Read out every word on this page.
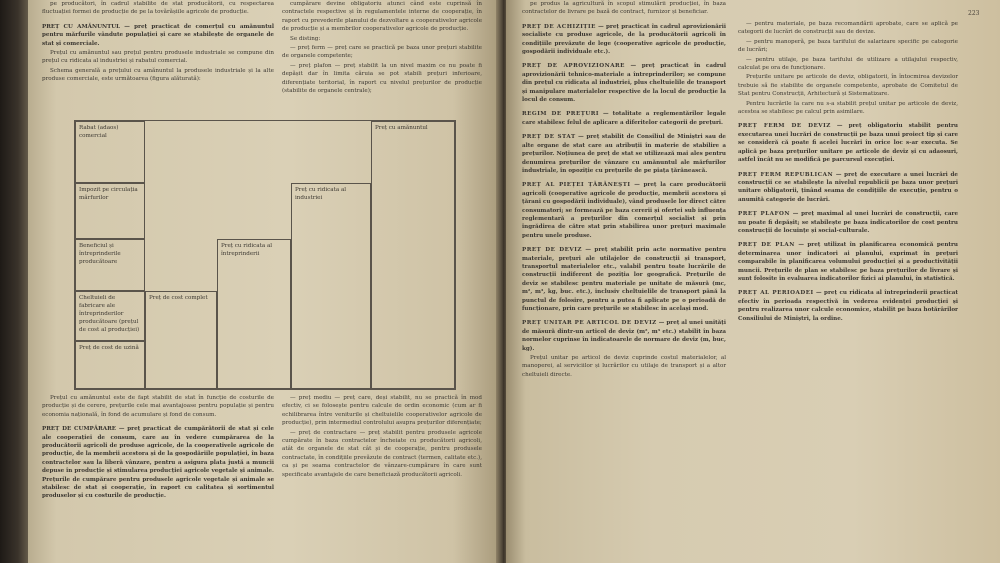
pe producători, în cadrul stabilite de stat producătorii, cu respectarea fluctuației formei de producție de pe la tovărășiile agricole de producție.

PREȚ CU AMĂNUNTUL — preț practicat de comerțul cu amănuntul pentru mărfurile vândute populației și care se stabilește de organele de stat și comerciale.

Prețul cu amănuntul sau prețul pentru produsele industriale se compune din prețul cu ridicata al industriei și rabatul comercial.

Schema generală a prețului cu amănuntul la produsele industriale și la alte produse comerciale, este următoarea (figura alăturată):

cumpărare devine obligatoriu atunci când este cuprinsă în contractele respective și în regulamentele interne de cooperație, în raport cu prevederile planului de dezvoltare a cooperativelor agricole de producție și a membrilor cooperativelor agricole de producție.

Se disting:

— preț ferm — preț care se practică pe baza unor prețuri stabilite de organele competente;

— preț plafon — preț stabilit la un nivel maxim ce nu poate fi depășit dar în limita căruia se pot stabili prețuri inferioare, diferențiate teritorial, în raport cu nivelul prețurilor de producție (stabilite de organele centrale);

Rabat (adaos) comercial
Impozit pe circulația mărfurilor
Beneficiul și întreprinderile producătoare
Cheltuieli de fabricare ale întreprinderilor producătoare (prețul de cost al producției)
Preț de cost de uzină
Preț de cost complet
Preț cu ridicata al întreprinderii
Preț cu ridicata al industriei
Preț cu amănuntul

Prețul cu amănuntul este de fapt stabilit de stat în funcție de costurile de producție și de cerere, prețurile cele mai avantajoase pentru populație și pentru economia națională, în fond de acumulare și fond de consum.

PREȚ DE CUMPĂRARE — preț practicat de cumpărătorii de stat și cele ale cooperației de consum, care au în vedere cumpărarea de la producătorii agricoli de produse agricole, de la cooperativele agricole de producție, de la membrii acestora și de la gospodăriile populației, în baza contractelor sau la liberă vânzare, pentru a asigura plata justă a muncii depuse în producție și stimularea producției agricole vegetale și animale. Prețurile de cumpărare pentru produsele agricole vegetale și animale se stabilesc de stat și cooperație, în raport cu calitatea și sortimentul produselor și cu costurile de producție.

— preț mediu — preț care, deși stabilit, nu se practică în mod efectiv, ci se folosește pentru calcule de ordin economic (cum ar fi echilibrarea între veniturile și cheltuielile cooperativelor agricole de producție), prin intermediul controlului asupra prețurilor diferențiate;

— preț de contractare — preț stabilit pentru produsele agricole cumpărate în baza contractelor încheiate cu producătorii agricoli, atât de organele de stat cât și de cooperație, pentru produsele contractate, în condițiile prevăzute de contract (termen, calitate etc.), ca și pe seama contractelor de vânzare-cumpărare în care sunt specificate avantajele de care beneficiază producătorii agricoli.

223

pe produs la agricultură în scopul stimulării producției, în baza contractelor de livrare pe bază de contract, furnizor și beneficiar.

PREȚ DE ACHIZIȚIE — preț practicat în cadrul aprovizionării socialiste cu produse agricole, de la producătorii agricoli în condițiile prevăzute de lege (cooperative agricole de producție, gospodării individuale etc.).

PREȚ DE APROVIZIONARE — preț practicat în cadrul aprovizionării tehnico-materiale a întreprinderilor; se compune din prețul cu ridicata al industriei, plus cheltuielile de transport și manipulare materialelor respective de la locul de producție la locul de consum.

REGIM DE PREȚURI — totalitate a reglementărilor legale care stabilesc felul de aplicare a diferitelor categorii de prețuri.

PREȚ DE STAT — preț stabilit de Consiliul de Miniștri sau de alte organe de stat care au atribuții în materie de stabilire a prețurilor. Noțiunea de preț de stat se utilizează mai ales pentru denumirea prețurilor de vânzare cu amănuntul ale mărfurilor industriale, în opoziție cu prețurile de pe piața țărănească.

PREȚ AL PIEȚEI ȚĂRĂNEȘTI — preț la care producătorii agricoli (cooperative agricole de producție, membrii acestora și țărani cu gospodării individuale), vând produsele lor direct către consumatori; se formează pe baza cererii și ofertei sub influența reglementară a prețurilor din comerțul socialist și prin îngrădirea de către stat prin stabilirea unor prețuri maximale pentru unele produse.

PREȚ DE DEVIZ — preț stabilit prin acte normative pentru materiale, prețuri ale utilajelor de construcții și transport, transportul materialelor etc., valabil pentru toate lucrările de construcții indiferent de poziția lor geografică. Prețurile de deviz se stabilesc pentru materiale pe unitate de măsură (mc, m², m³, kg, buc. etc.), inclusiv cheltuielile de transport până la punctul de folosire, pentru a putea fi aplicate pe o perioadă de funcționare, prin care prețurile se stabilesc în același mod.

PREȚ UNITAR PE ARTICOL DE DEVIZ — preț al unei unități de măsură dintr-un articol de deviz (m², m³ etc.) stabilit în baza normelor cuprinse în indicatoarele de normare de deviz (m, buc, kg).

Prețul unitar pe articol de deviz cuprinde costul materialelor, al manoperei, al serviciilor și lucrărilor cu utilaje de transport și a altor cheltuieli directe.

— pentru materiale, pe baza recomandării aprobate, care se aplică pe categorii de lucrări de construcții sau de devize.

— pentru manoperă, pe baza tarifului de salarizare specific pe categorie de lucrări;

— pentru utilaje, pe baza tarifului de utilizare a utilajului respectiv, calculat pe ora de funcționare.

Prețurile unitare pe articole de deviz, obligatorii, în întocmirea devizelor trebuie să fie stabilite de organele competente, aprobate de Comitetul de Stat pentru Construcții, Arhitectură și Sistematizare.

Pentru lucrările la care nu s-a stabilit prețul unitar pe articole de deviz, acestea se stabilesc pe calcul prin asimilare.

PREȚ FERM DE DEVIZ — preț obligatoriu stabilit pentru executarea unei lucrări de construcții pe baza unui proiect tip și care se consideră că poate fi acelei lucrări în orice loc s-ar executa. Se aplică pe baza prețurilor unitare pe articole de deviz și cu adaosuri, astfel încât nu se modifică pe parcursul execuției.

PREȚ FERM REPUBLICAN — preț de executare a unei lucrări de construcții ce se stabilește la nivelul republicii pe baza unor prețuri unitare obligatorii, ținând seama de condițiile de execuție, pentru o anumită categorie de lucrări.

PREȚ PLAFON — preț maximal al unei lucrări de construcții, care nu poate fi depășit; se stabilește pe baza indicatorilor de cost pentru construcții de locuințe și social-culturale.

PREȚ DE PLAN — preț utilizat în planificarea economică pentru determinarea unor indicatori ai planului, exprimat în prețuri comparabile în planificarea volumului producției și a productivității muncii. Prețurile de plan se stabilesc pe baza prețurilor de livrare și sunt folosite în evaluarea indicatorilor fizici ai planului, în statistică.

PREȚ AL PERIOADEI — preț cu ridicata al întreprinderii practicat efectiv în perioada respectivă în vederea evidenței producției și pentru realizarea unor calcule economice, stabilit pe baza hotărârilor Consiliului de Miniștri, la ordine.
